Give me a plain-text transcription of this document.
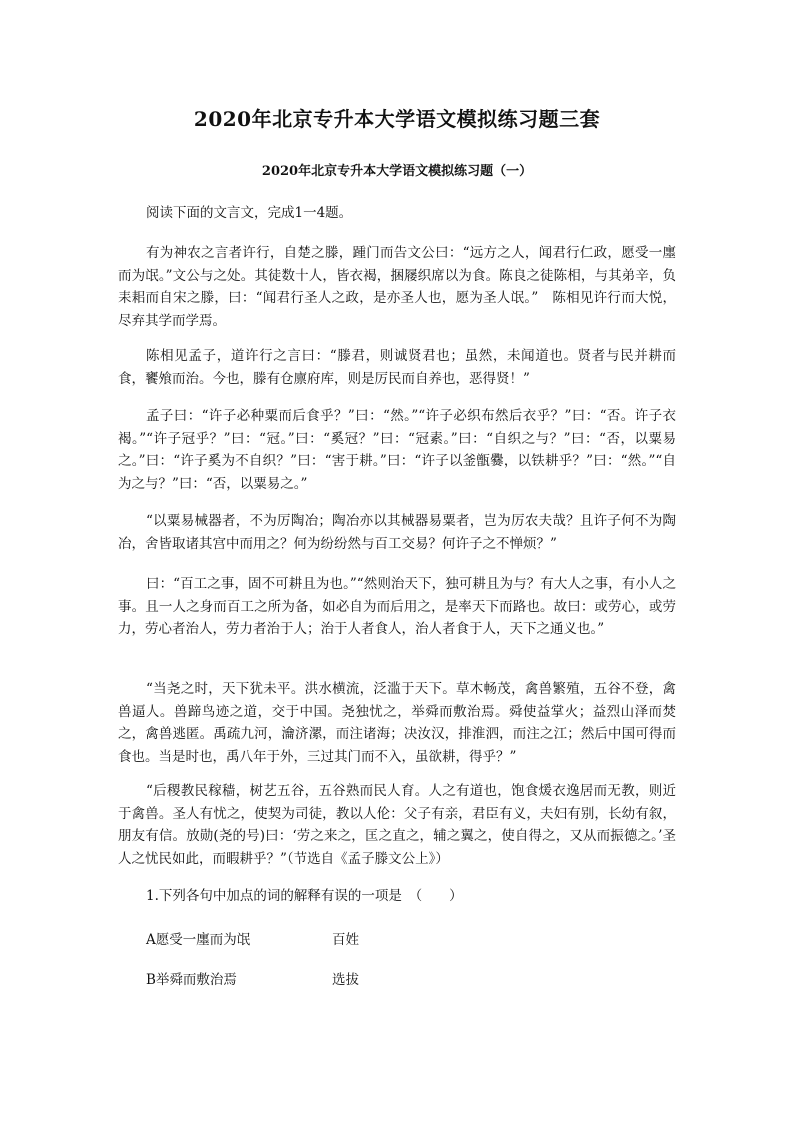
2020年北京专升本大学语文模拟练习题三套
2020年北京专升本大学语文模拟练习题（一）

阅读下面的文言文，完成1一4题。

有为神农之言者许行，自楚之滕，踵门而告文公曰：“远方之人，闻君行仁政，愿受一廛而为氓。”文公与之处。其徒数十人，皆衣褐，捆屦织席以为食。陈良之徒陈相，与其弟辛，负耒耜而自宋之滕，曰：“闻君行圣人之政，是亦圣人也，愿为圣人氓。”　陈相见许行而大悦，尽弃其学而学焉。

陈相见孟子，道许行之言曰：“滕君，则诚贤君也；虽然，未闻道也。贤者与民并耕而食，饔飧而治。今也，滕有仓廪府库，则是厉民而自养也，恶得贤！”

孟子曰：“许子必种粟而后食乎？”曰：“然。”“许子必织布然后衣乎？”曰：“否。许子衣褐。”“许子冠乎？”曰：“冠。”曰：“奚冠？”曰：“冠素。”曰：“自织之与？”曰：“否，以粟易之。”曰：“许子奚为不自织？”曰：“害于耕。”曰：“许子以釜甑爨，以铁耕乎？”曰：“然。”“自为之与？”曰：“否，以粟易之。”

“以粟易械器者，不为厉陶冶；陶冶亦以其械器易粟者，岂为厉农夫哉？且许子何不为陶冶，舍皆取诸其宫中而用之？何为纷纷然与百工交易？何许子之不惮烦？”

曰：“百工之事，固不可耕且为也。”“然则治天下，独可耕且为与？有大人之事，有小人之事。且一人之身而百工之所为备，如必自为而后用之，是率天下而路也。故曰：或劳心，或劳力，劳心者治人，劳力者治于人；治于人者食人，治人者食于人，天下之通义也。”

“当尧之时，天下犹未平。洪水横流，泛滥于天下。草木畅茂，禽兽繁殖，五谷不登，禽兽逼人。兽蹄鸟迹之道，交于中国。尧独忧之，举舜而敷治焉。舜使益掌火；益烈山泽而焚之，禽兽逃匿。禹疏九河，瀹济漯，而注诸海；决汝汉，排淮泗，而注之江；然后中国可得而食也。当是时也，禹八年于外，三过其门而不入，虽欲耕，得乎？”

“后稷教民稼穑，树艺五谷，五谷熟而民人育。人之有道也，饱食煖衣逸居而无教，则近于禽兽。圣人有忧之，使契为司徒，教以人伦：父子有亲，君臣有义，夫妇有别，长幼有叙，朋友有信。放勋(尧的号)曰：‘劳之来之，匡之直之，辅之翼之，使自得之，又从而振德之。’圣人之忧民如此，而暇耕乎？”（节选自《孟子滕文公上》）

1.下列各句中加点的词的解释有误的一项是　（　　）

A愿受一廛而为氓	百姓
B举舜而敷治焉	选拔
